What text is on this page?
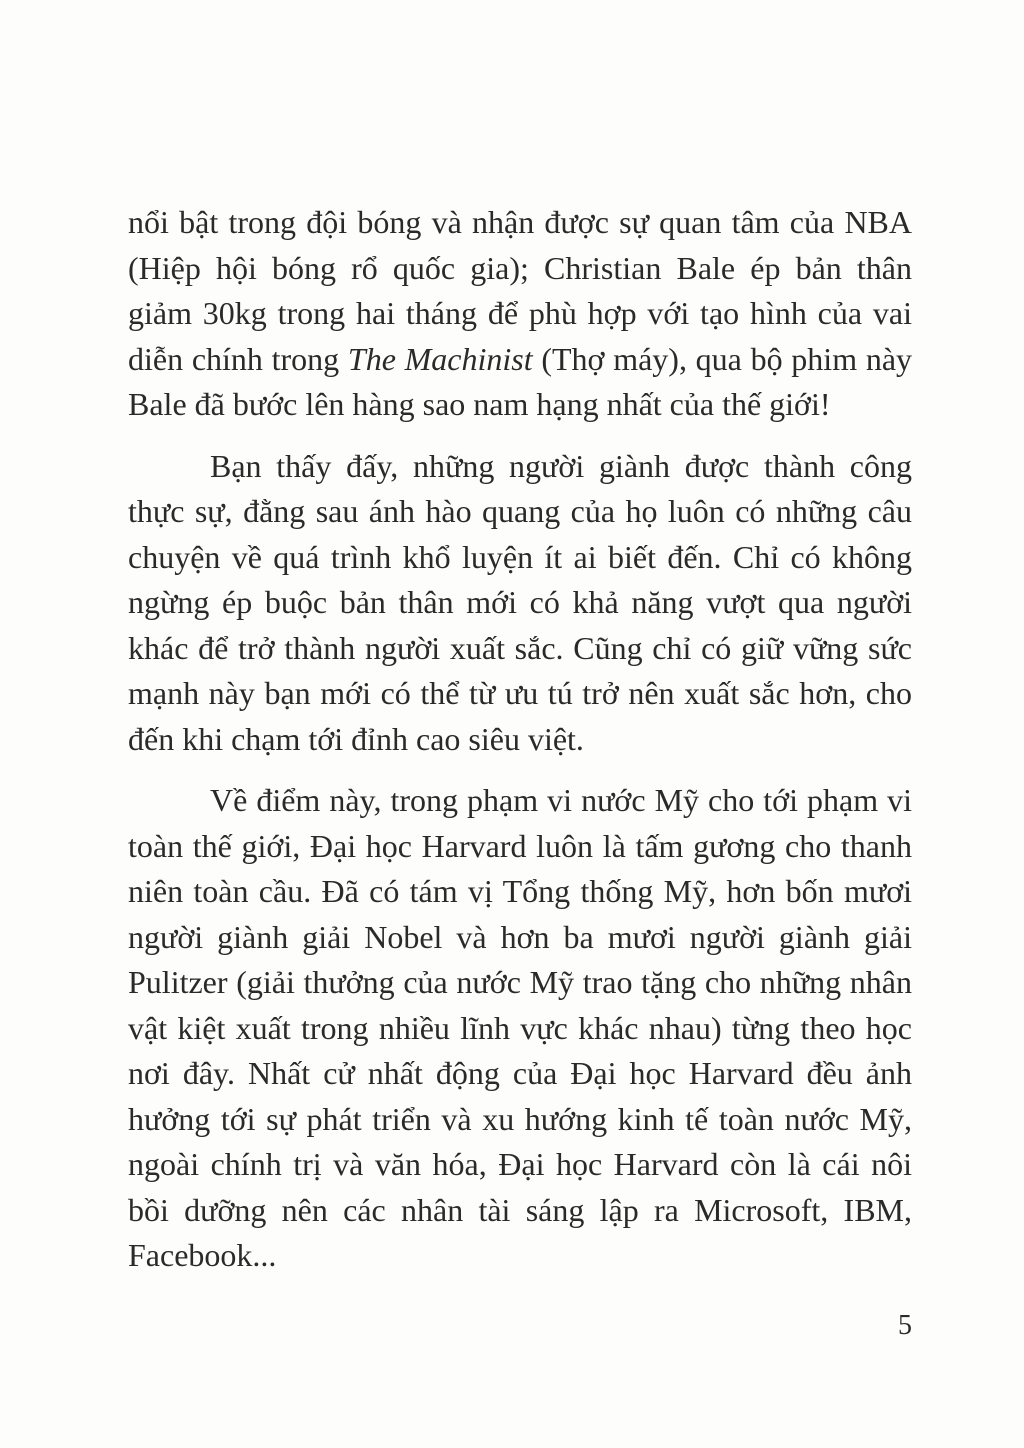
nổi bật trong đội bóng và nhận được sự quan tâm của NBA (Hiệp hội bóng rổ quốc gia); Christian Bale ép bản thân giảm 30kg trong hai tháng để phù hợp với tạo hình của vai diễn chính trong The Machinist (Thợ máy), qua bộ phim này Bale đã bước lên hàng sao nam hạng nhất của thế giới!

Bạn thấy đấy, những người giành được thành công thực sự, đằng sau ánh hào quang của họ luôn có những câu chuyện về quá trình khổ luyện ít ai biết đến. Chỉ có không ngừng ép buộc bản thân mới có khả năng vượt qua người khác để trở thành người xuất sắc. Cũng chỉ có giữ vững sức mạnh này bạn mới có thể từ ưu tú trở nên xuất sắc hơn, cho đến khi chạm tới đỉnh cao siêu việt.

Về điểm này, trong phạm vi nước Mỹ cho tới phạm vi toàn thế giới, Đại học Harvard luôn là tấm gương cho thanh niên toàn cầu. Đã có tám vị Tổng thống Mỹ, hơn bốn mươi người giành giải Nobel và hơn ba mươi người giành giải Pulitzer (giải thưởng của nước Mỹ trao tặng cho những nhân vật kiệt xuất trong nhiều lĩnh vực khác nhau) từng theo học nơi đây. Nhất cử nhất động của Đại học Harvard đều ảnh hưởng tới sự phát triển và xu hướng kinh tế toàn nước Mỹ, ngoài chính trị và văn hóa, Đại học Harvard còn là cái nôi bồi dưỡng nên các nhân tài sáng lập ra Microsoft, IBM, Facebook...

5
